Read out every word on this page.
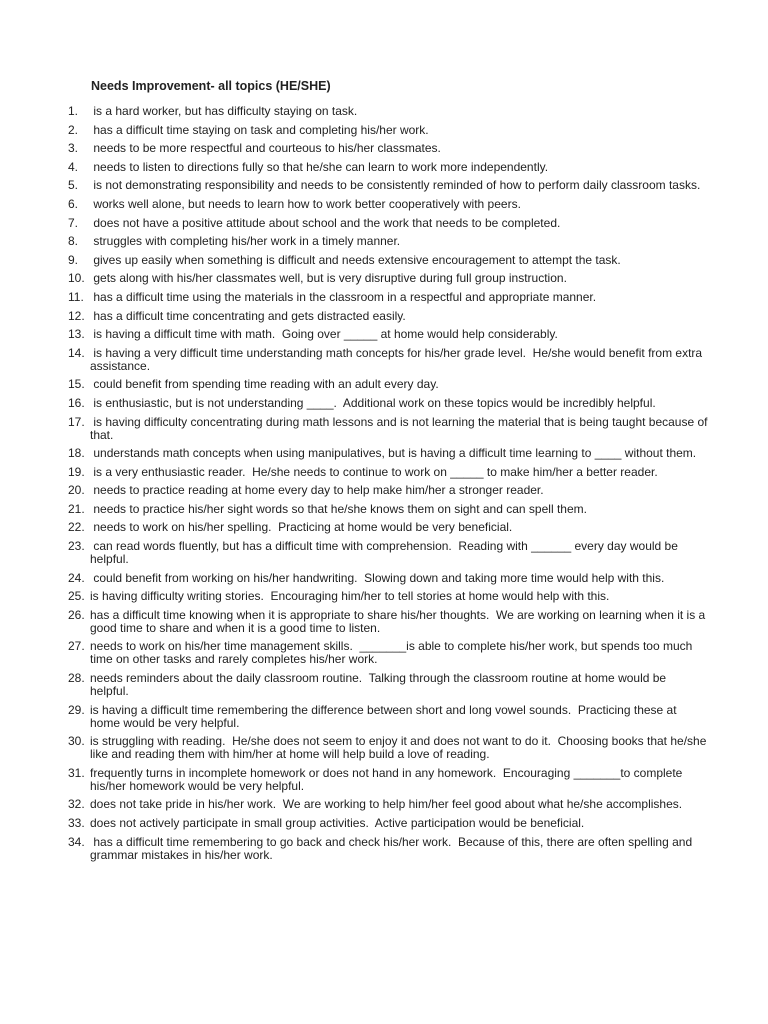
Needs Improvement- all topics (HE/SHE)
1. is a hard worker, but has difficulty staying on task.
2. has a difficult time staying on task and completing his/her work.
3. needs to be more respectful and courteous to his/her classmates.
4. needs to listen to directions fully so that he/she can learn to work more independently.
5. is not demonstrating responsibility and needs to be consistently reminded of how to perform daily classroom tasks.
6. works well alone, but needs to learn how to work better cooperatively with peers.
7. does not have a positive attitude about school and the work that needs to be completed.
8. struggles with completing his/her work in a timely manner.
9. gives up easily when something is difficult and needs extensive encouragement to attempt the task.
10. gets along with his/her classmates well, but is very disruptive during full group instruction.
11. has a difficult time using the materials in the classroom in a respectful and appropriate manner.
12. has a difficult time concentrating and gets distracted easily.
13. is having a difficult time with math.  Going over _____ at home would help considerably.
14. is having a very difficult time understanding math concepts for his/her grade level.  He/she would benefit from extra assistance.
15. could benefit from spending time reading with an adult every day.
16. is enthusiastic, but is not understanding ____.  Additional work on these topics would be incredibly helpful.
17. is having difficulty concentrating during math lessons and is not learning the material that is being taught because of that.
18. understands math concepts when using manipulatives, but is having a difficult time learning to ____ without them.
19. is a very enthusiastic reader.  He/she needs to continue to work on _____ to make him/her a better reader.
20. needs to practice reading at home every day to help make him/her a stronger reader.
21. needs to practice his/her sight words so that he/she knows them on sight and can spell them.
22. needs to work on his/her spelling.  Practicing at home would be very beneficial.
23. can read words fluently, but has a difficult time with comprehension.  Reading with ______ every day would be helpful.
24. could benefit from working on his/her handwriting.  Slowing down and taking more time would help with this.
25. is having difficulty writing stories.  Encouraging him/her to tell stories at home would help with this.
26. has a difficult time knowing when it is appropriate to share his/her thoughts.  We are working on learning when it is a good time to share and when it is a good time to listen.
27. needs to work on his/her time management skills.  _______is able to complete his/her work, but spends too much time on other tasks and rarely completes his/her work.
28. needs reminders about the daily classroom routine.  Talking through the classroom routine at home would be helpful.
29. is having a difficult time remembering the difference between short and long vowel sounds.  Practicing these at home would be very helpful.
30. is struggling with reading.  He/she does not seem to enjoy it and does not want to do it.  Choosing books that he/she like and reading them with him/her at home will help build a love of reading.
31. frequently turns in incomplete homework or does not hand in any homework.  Encouraging _______to complete his/her homework would be very helpful.
32. does not take pride in his/her work.  We are working to help him/her feel good about what he/she accomplishes.
33. does not actively participate in small group activities.  Active participation would be beneficial.
34. has a difficult time remembering to go back and check his/her work.  Because of this, there are often spelling and grammar mistakes in his/her work.
